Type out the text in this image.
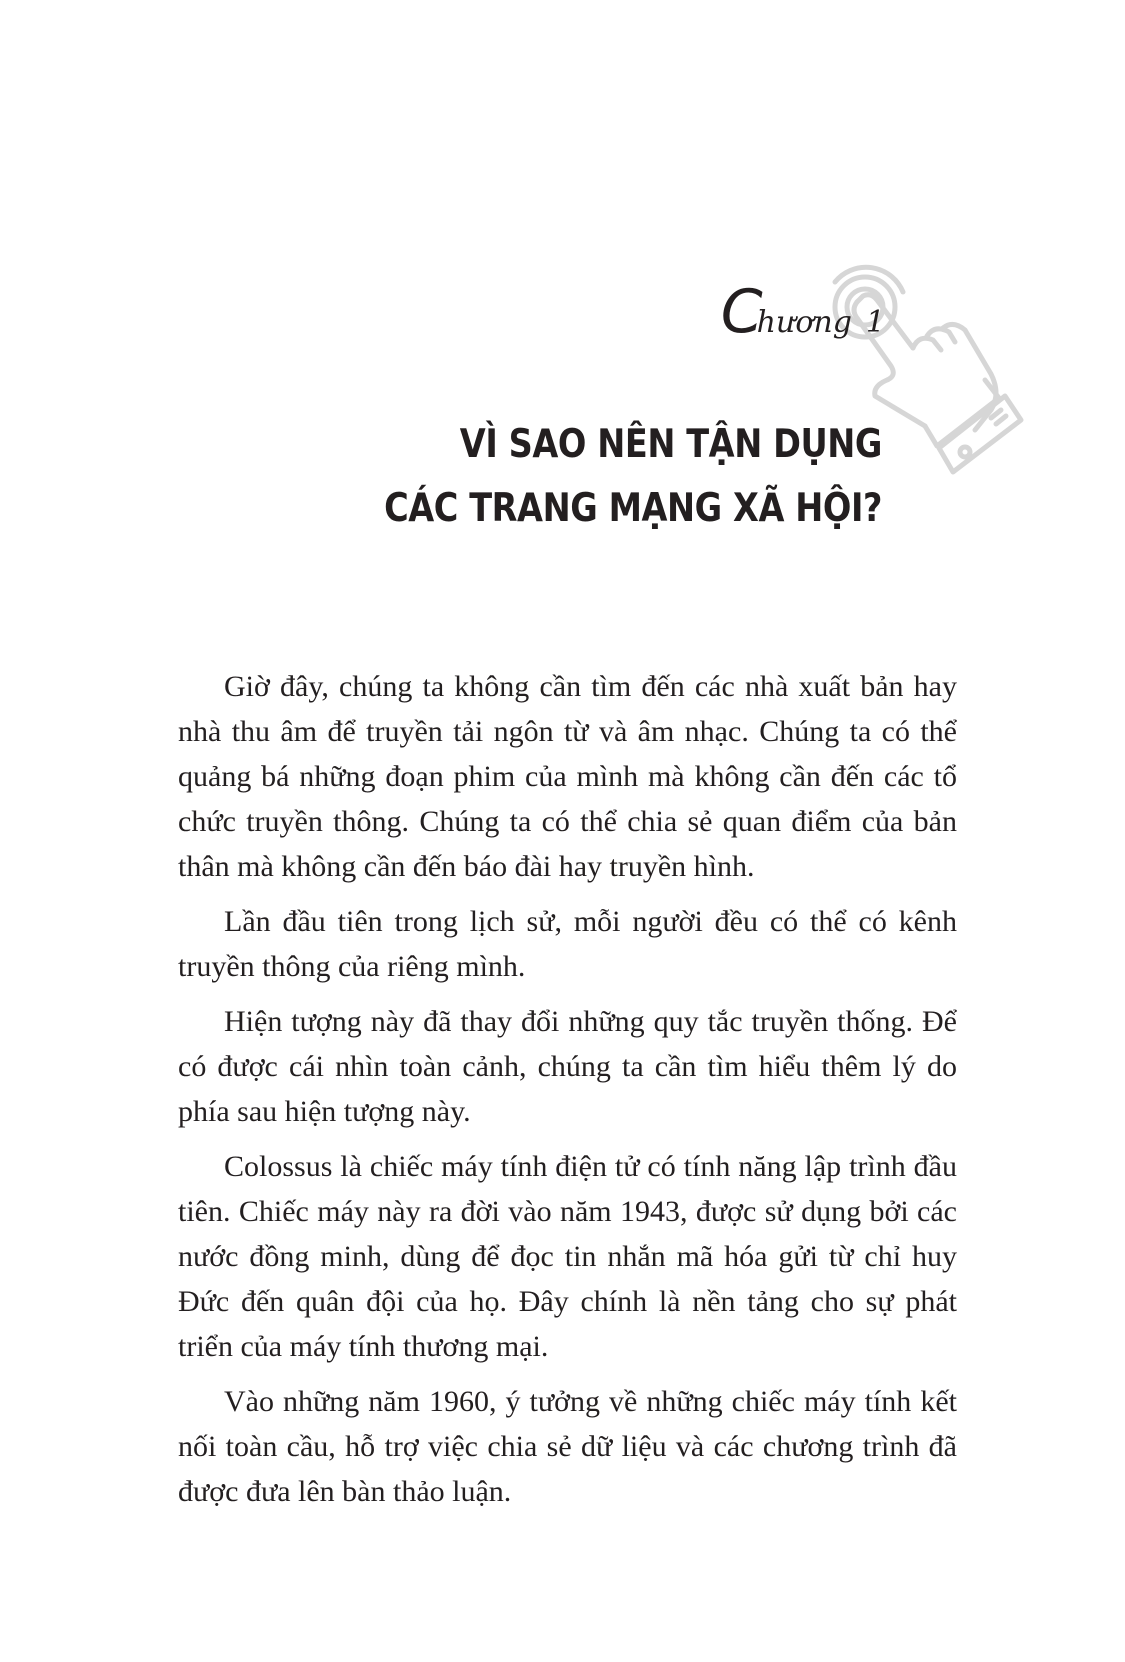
C
hương 1
VÌ SAO NÊN TẬN DỤNG
CÁC TRANG MẠNG XÃ HỘI?

Giờ đây, chúng ta không cần tìm đến các nhà xuất bản hay nhà thu âm để truyền tải ngôn từ và âm nhạc. Chúng ta có thể quảng bá những đoạn phim của mình mà không cần đến các tổ chức truyền thông. Chúng ta có thể chia sẻ quan điểm của bản thân mà không cần đến báo đài hay truyền hình.

Lần đầu tiên trong lịch sử, mỗi người đều có thể có kênh truyền thông của riêng mình.

Hiện tượng này đã thay đổi những quy tắc truyền thống. Để có được cái nhìn toàn cảnh, chúng ta cần tìm hiểu thêm lý do phía sau hiện tượng này.

Colossus là chiếc máy tính điện tử có tính năng lập trình đầu tiên. Chiếc máy này ra đời vào năm 1943, được sử dụng bởi các nước đồng minh, dùng để đọc tin nhắn mã hóa gửi từ chỉ huy Đức đến quân đội của họ. Đây chính là nền tảng cho sự phát triển của máy tính thương mại.

Vào những năm 1960, ý tưởng về những chiếc máy tính kết nối toàn cầu, hỗ trợ việc chia sẻ dữ liệu và các chương trình đã được đưa lên bàn thảo luận.
